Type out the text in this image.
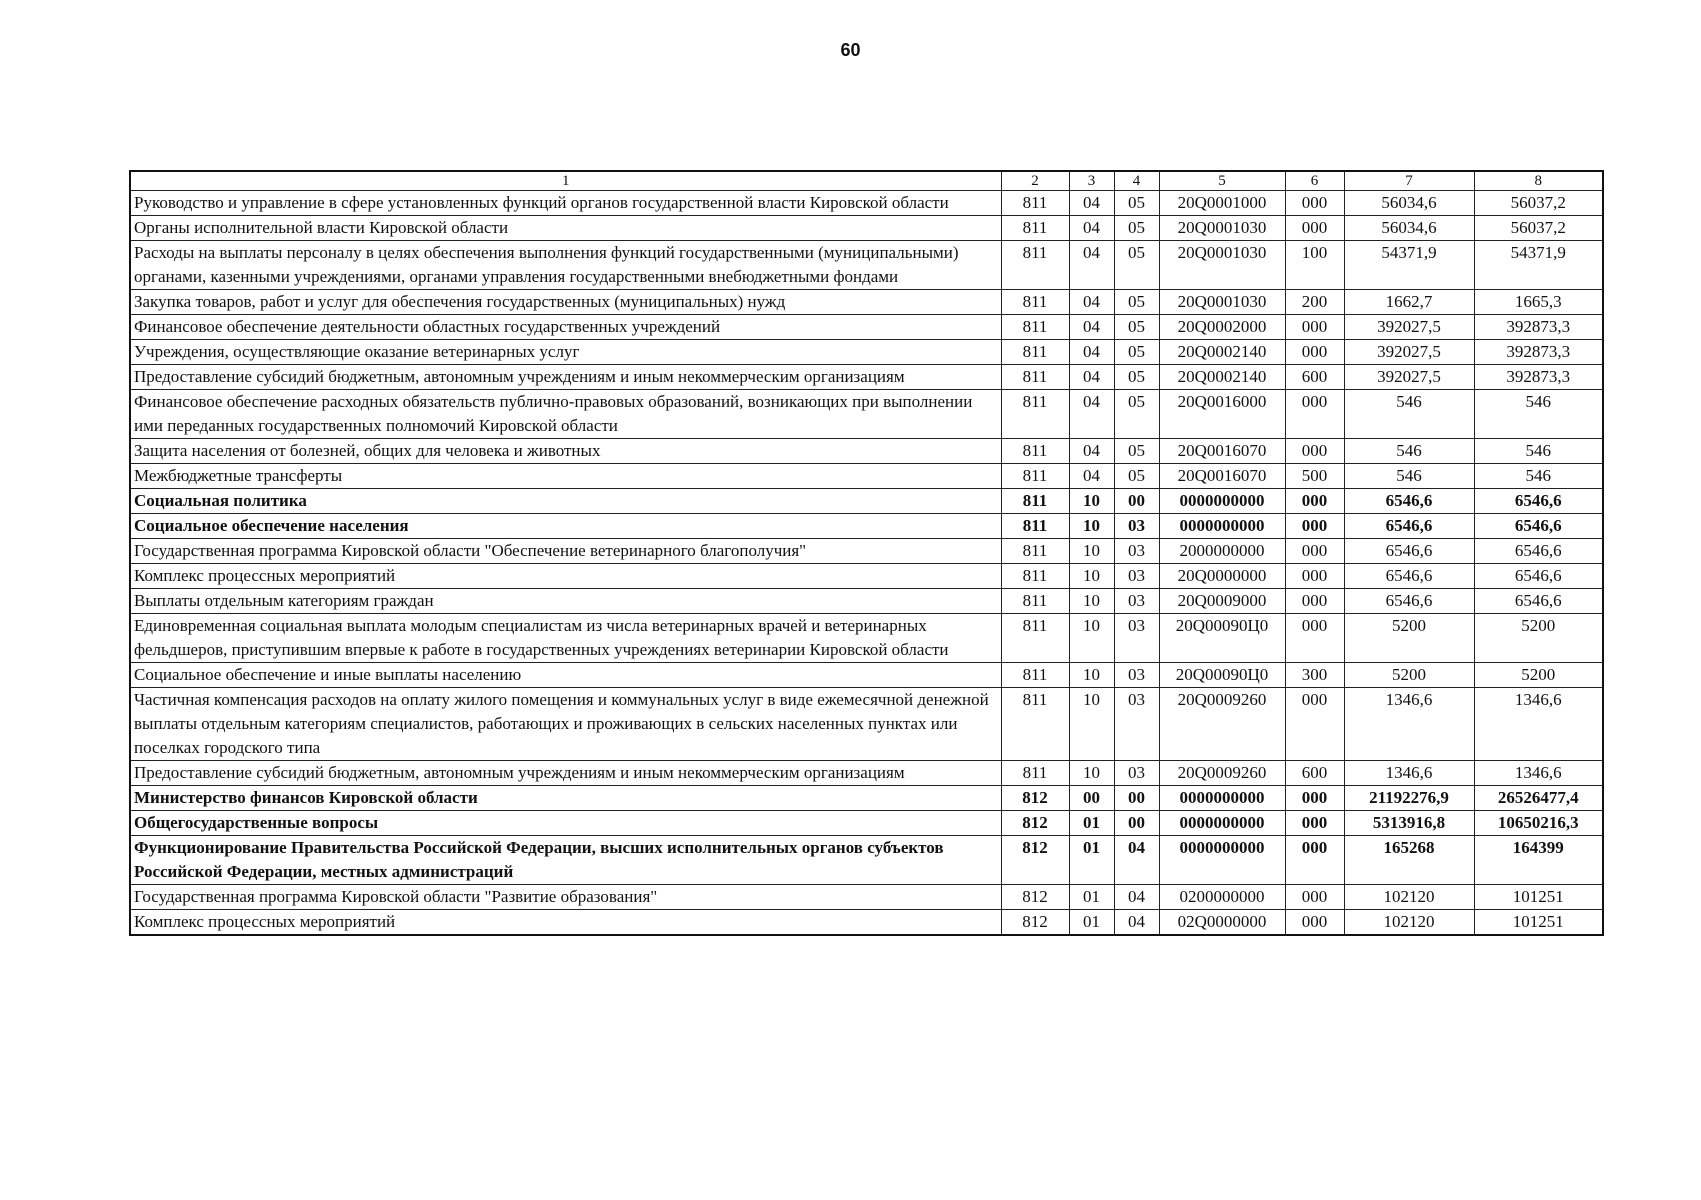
60
1	2	3	4	5	6	7	8
Руководство и управление в сфере установленных функций органов государственной власти Кировской области	811	04	05	20Q0001000	000	56034,6	56037,2
Органы исполнительной власти Кировской области	811	04	05	20Q0001030	000	56034,6	56037,2
Расходы на выплаты персоналу в целях обеспечения выполнения функций государственными (муниципальными) органами, казенными учреждениями, органами управления государственными внебюджетными фондами	811	04	05	20Q0001030	100	54371,9	54371,9
Закупка товаров, работ и услуг для обеспечения государственных (муниципальных) нужд	811	04	05	20Q0001030	200	1662,7	1665,3
Финансовое обеспечение деятельности областных государственных учреждений	811	04	05	20Q0002000	000	392027,5	392873,3
Учреждения, осуществляющие оказание ветеринарных услуг	811	04	05	20Q0002140	000	392027,5	392873,3
Предоставление субсидий бюджетным, автономным учреждениям и иным некоммерческим организациям	811	04	05	20Q0002140	600	392027,5	392873,3
Финансовое обеспечение расходных обязательств публично-правовых образований, возникающих при выполнении ими переданных государственных полномочий Кировской области	811	04	05	20Q0016000	000	546	546
Защита населения от болезней, общих для человека и животных	811	04	05	20Q0016070	000	546	546
Межбюджетные трансферты	811	04	05	20Q0016070	500	546	546
Социальная политика	811	10	00	0000000000	000	6546,6	6546,6
Социальное обеспечение населения	811	10	03	0000000000	000	6546,6	6546,6
Государственная программа Кировской области "Обеспечение ветеринарного благополучия"	811	10	03	2000000000	000	6546,6	6546,6
Комплекс процессных мероприятий	811	10	03	20Q0000000	000	6546,6	6546,6
Выплаты отдельным категориям граждан	811	10	03	20Q0009000	000	6546,6	6546,6
Единовременная социальная выплата молодым специалистам из числа ветеринарных врачей и ветеринарных фельдшеров, приступившим впервые к работе в государственных учреждениях ветеринарии Кировской области	811	10	03	20Q00090Ц0	000	5200	5200
Социальное обеспечение и иные выплаты населению	811	10	03	20Q00090Ц0	300	5200	5200
Частичная компенсация расходов на оплату жилого помещения и коммунальных услуг в виде ежемесячной денежной выплаты отдельным категориям специалистов, работающих и проживающих в сельских населенных пунктах или поселках городского типа	811	10	03	20Q0009260	000	1346,6	1346,6
Предоставление субсидий бюджетным, автономным учреждениям и иным некоммерческим организациям	811	10	03	20Q0009260	600	1346,6	1346,6
Министерство финансов Кировской области	812	00	00	0000000000	000	21192276,9	26526477,4
Общегосударственные вопросы	812	01	00	0000000000	000	5313916,8	10650216,3
Функционирование Правительства Российской Федерации, высших исполнительных органов субъектов Российской Федерации, местных администраций	812	01	04	0000000000	000	165268	164399
Государственная программа Кировской области "Развитие образования"	812	01	04	0200000000	000	102120	101251
Комплекс процессных мероприятий	812	01	04	02Q0000000	000	102120	101251
